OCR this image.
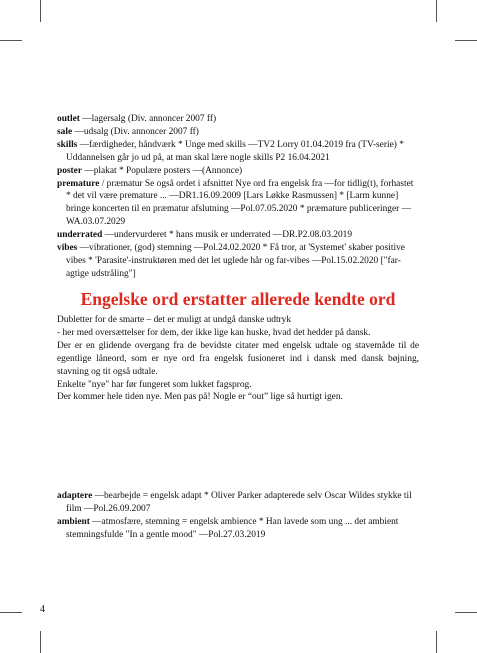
outlet —lagersalg (Div. annoncer 2007 ff)

sale —udsalg (Div. annoncer 2007 ff)

skills —færdigheder, håndværk * Unge med skills —TV2 Lorry 01.04.2019 fra (TV-serie) * Uddannelsen går jo ud på, at man skal lære nogle skills P2 16.04.2021

poster —plakat * Populære posters —(Annonce)

premature / præmatur Se også ordet i afsnittet Nye ord fra engelsk fra —for tidlig(t), forhastet * det vil være premature ... —DR1.16.09.2009 [Lars Løkke Rasmussen] * [Larm kunne] bringe koncerten til en præmatur afslutning —Pol.07.05.2020 * præmature publiceringer —WA.03.07.2029

underrated —undervurderet * hans musik er underrated —DR.P2.08.03.2019

vibes —vibrationer, (god) stemning —Pol.24.02.2020 * Få tror, at 'Systemet' skaber positive vibes * 'Parasite'-instruktøren med det let uglede hår og far-vibes —Pol.15.02.2020 ["far-agtige udstråling"]

Engelske ord erstatter allerede kendte ord

Dubletter for de smarte – det er muligt at undgå danske udtryk

- her med oversættelser for dem, der ikke lige kan huske, hvad det hedder på dansk.

Der er en glidende overgang fra de bevidste citater med engelsk udtale og stavemåde til de egentlige låneord, som er nye ord fra engelsk fusioneret ind i dansk med dansk bøjning, stavning og tit også udtale.

Enkelte "nye" har før fungeret som lukket fagsprog.

Der kommer hele tiden nye. Men pas på! Nogle er “out” lige så hurtigt igen.

adaptere —bearbejde = engelsk adapt * Oliver Parker adapterede selv Oscar Wildes stykke til film —Pol.26.09.2007

ambient —atmosfære, stemning = engelsk ambience * Han lavede som ung ... det ambient stemningsfulde "In a gentle mood" —Pol.27.03.2019

4
